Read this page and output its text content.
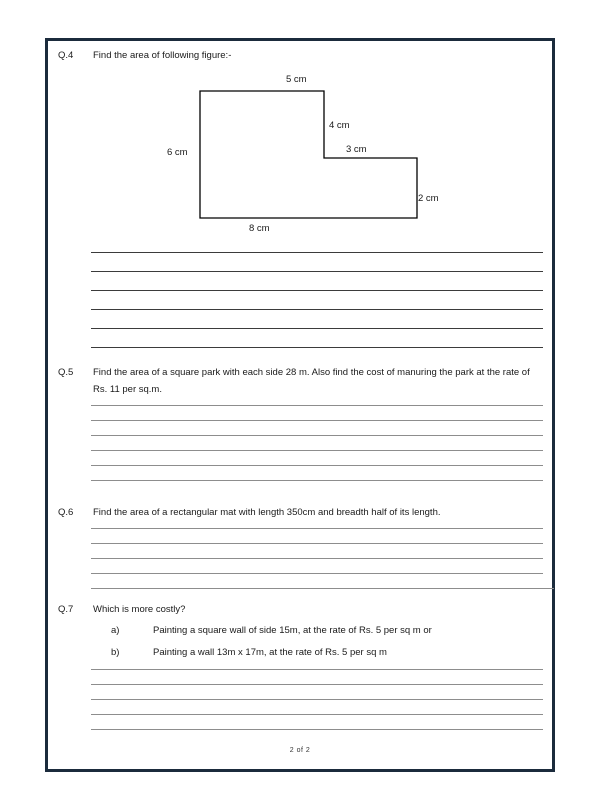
Q.4 Find the area of following figure:-
5 cm
4 cm
3 cm
6 cm
2 cm
8 cm
Q.5 Find the area of a square park with each side 28 m. Also find the cost of manuring the park at the rate of Rs. 11 per sq.m.
Q.6 Find the area of a rectangular mat with length 350cm and breadth half of its length.
Q.7 Which is more costly?
a)	Painting a square wall of side 15m, at the rate of Rs. 5 per sq m or
b)	Painting a wall 13m x 17m, at the rate of Rs. 5 per sq m
2 of 2
